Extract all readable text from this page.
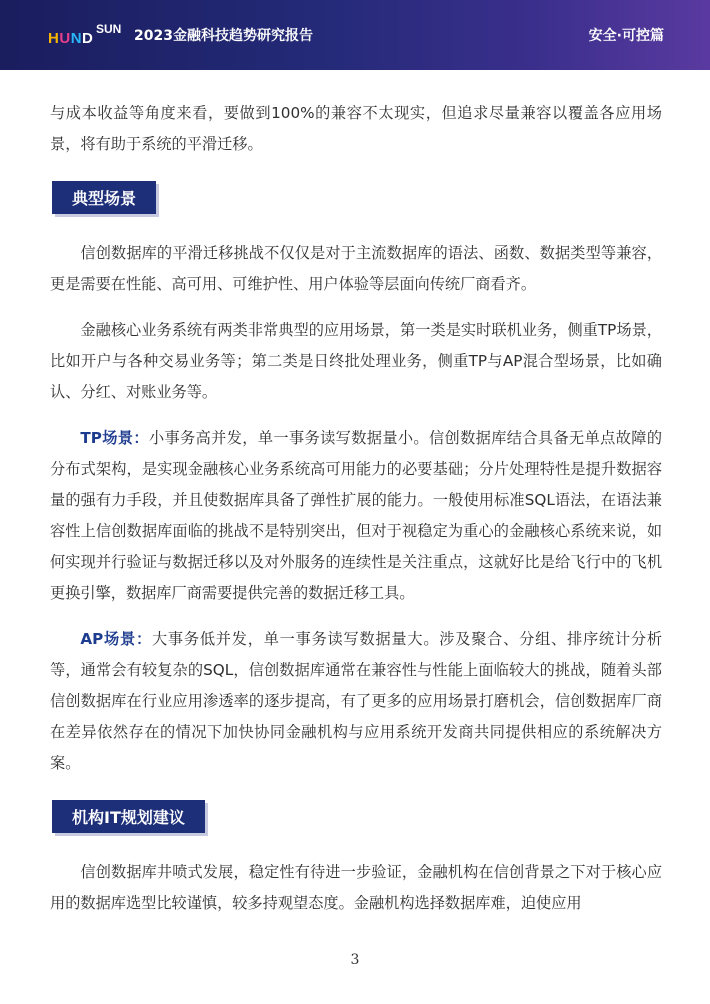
HUND
SUN 2023金融科技趋势研究报告	安全·可控篇

与成本收益等角度来看，要做到100%的兼容不太现实，但追求尽量兼容以覆盖各应用场景，将有助于系统的平滑迁移。

典型场景

信创数据库的平滑迁移挑战不仅仅是对于主流数据库的语法、函数、数据类型等兼容，更是需要在性能、高可用、可维护性、用户体验等层面向传统厂商看齐。

金融核心业务系统有两类非常典型的应用场景，第一类是实时联机业务，侧重TP场景，比如开户与各种交易业务等；第二类是日终批处理业务，侧重TP与AP混合型场景，比如确认、分红、对账业务等。

TP场景：小事务高并发，单一事务读写数据量小。信创数据库结合具备无单点故障的分布式架构，是实现金融核心业务系统高可用能力的必要基础；分片处理特性是提升数据容量的强有力手段，并且使数据库具备了弹性扩展的能力。一般使用标准SQL语法，在语法兼容性上信创数据库面临的挑战不是特别突出，但对于视稳定为重心的金融核心系统来说，如何实现并行验证与数据迁移以及对外服务的连续性是关注重点，这就好比是给飞行中的飞机更换引擎，数据库厂商需要提供完善的数据迁移工具。

AP场景：大事务低并发，单一事务读写数据量大。涉及聚合、分组、排序统计分析等，通常会有较复杂的SQL，信创数据库通常在兼容性与性能上面临较大的挑战，随着头部信创数据库在行业应用渗透率的逐步提高，有了更多的应用场景打磨机会，信创数据库厂商在差异依然存在的情况下加快协同金融机构与应用系统开发商共同提供相应的系统解决方案。

机构IT规划建议

信创数据库井喷式发展，稳定性有待进一步验证，金融机构在信创背景之下对于核心应用的数据库选型比较谨慎，较多持观望态度。金融机构选择数据库难，迫使应用

3
